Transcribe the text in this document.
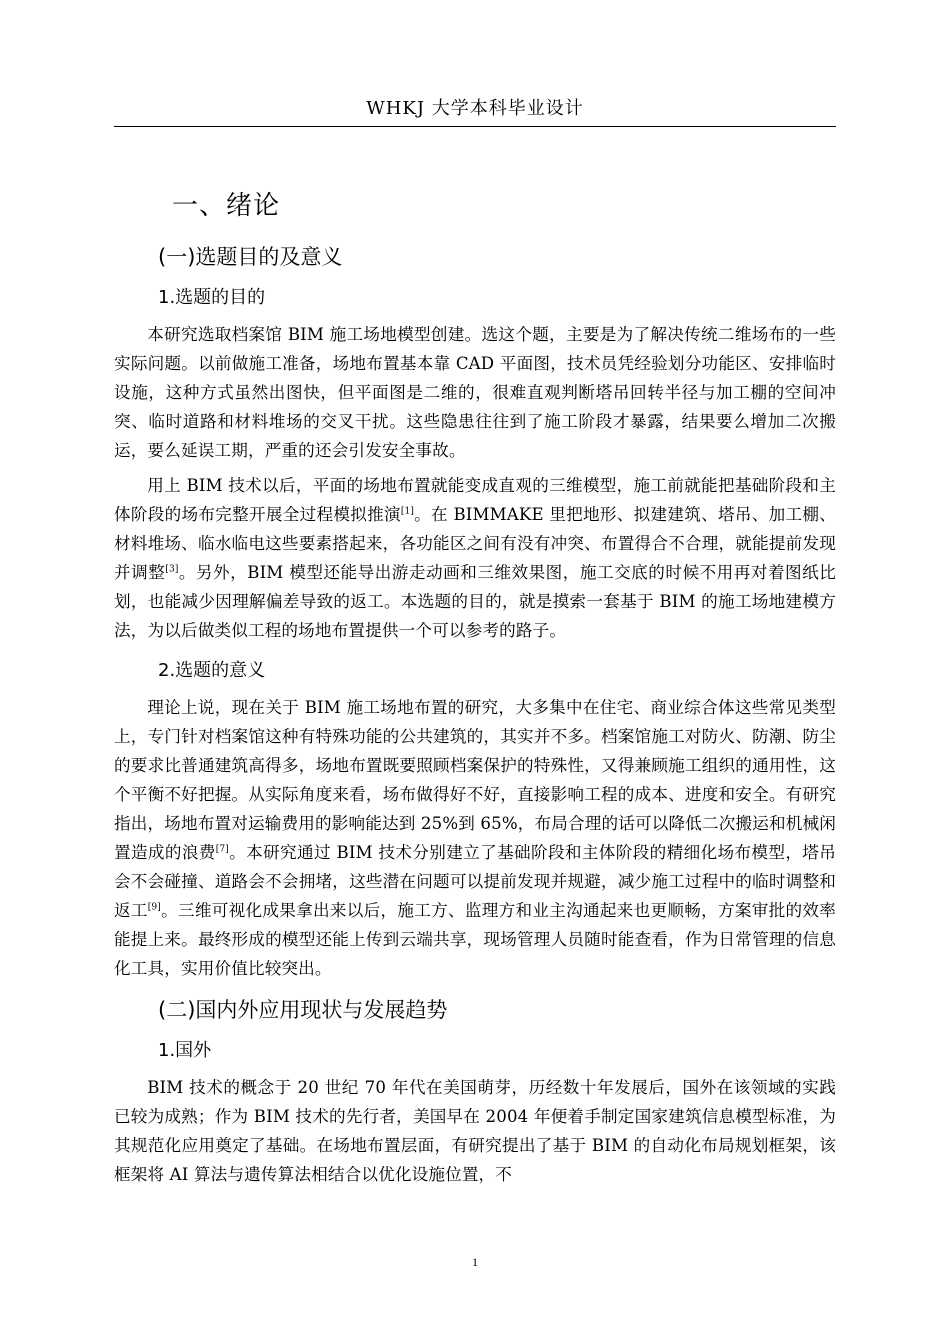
WHKJ 大学本科毕业设计
一、绪论
(一)选题目的及意义
1.选题的目的

本研究选取档案馆 BIM 施工场地模型创建。选这个题，主要是为了解决传统二维场布的一些实际问题。以前做施工准备，场地布置基本靠 CAD 平面图，技术员凭经验划分功能区、安排临时设施，这种方式虽然出图快，但平面图是二维的，很难直观判断塔吊回转半径与加工棚的空间冲突、临时道路和材料堆场的交叉干扰。这些隐患往往到了施工阶段才暴露，结果要么增加二次搬运，要么延误工期，严重的还会引发安全事故。

用上 BIM 技术以后，平面的场地布置就能变成直观的三维模型，施工前就能把基础阶段和主体阶段的场布完整开展全过程模拟推演[1]。在 BIMMAKE 里把地形、拟建建筑、塔吊、加工棚、材料堆场、临水临电这些要素搭起来，各功能区之间有没有冲突、布置得合不合理，就能提前发现并调整[3]。另外，BIM 模型还能导出游走动画和三维效果图，施工交底的时候不用再对着图纸比划，也能减少因理解偏差导致的返工。本选题的目的，就是摸索一套基于 BIM 的施工场地建模方法，为以后做类似工程的场地布置提供一个可以参考的路子。

2.选题的意义

理论上说，现在关于 BIM 施工场地布置的研究，大多集中在住宅、商业综合体这些常见类型上，专门针对档案馆这种有特殊功能的公共建筑的，其实并不多。档案馆施工对防火、防潮、防尘的要求比普通建筑高得多，场地布置既要照顾档案保护的特殊性，又得兼顾施工组织的通用性，这个平衡不好把握。从实际角度来看，场布做得好不好，直接影响工程的成本、进度和安全。有研究指出，场地布置对运输费用的影响能达到 25%到 65%，布局合理的话可以降低二次搬运和机械闲置造成的浪费[7]。本研究通过 BIM 技术分别建立了基础阶段和主体阶段的精细化场布模型，塔吊会不会碰撞、道路会不会拥堵，这些潜在问题可以提前发现并规避，减少施工过程中的临时调整和返工[9]。三维可视化成果拿出来以后，施工方、监理方和业主沟通起来也更顺畅，方案审批的效率能提上来。最终形成的模型还能上传到云端共享，现场管理人员随时能查看，作为日常管理的信息化工具，实用价值比较突出。

(二)国内外应用现状与发展趋势
1.国外

BIM 技术的概念于 20 世纪 70 年代在美国萌芽，历经数十年发展后，国外在该领域的实践已较为成熟；作为 BIM 技术的先行者，美国早在 2004 年便着手制定国家建筑信息模型标准，为其规范化应用奠定了基础。在场地布置层面，有研究提出了基于 BIM 的自动化布局规划框架，该框架将 AI 算法与遗传算法相结合以优化设施位置，不

1
